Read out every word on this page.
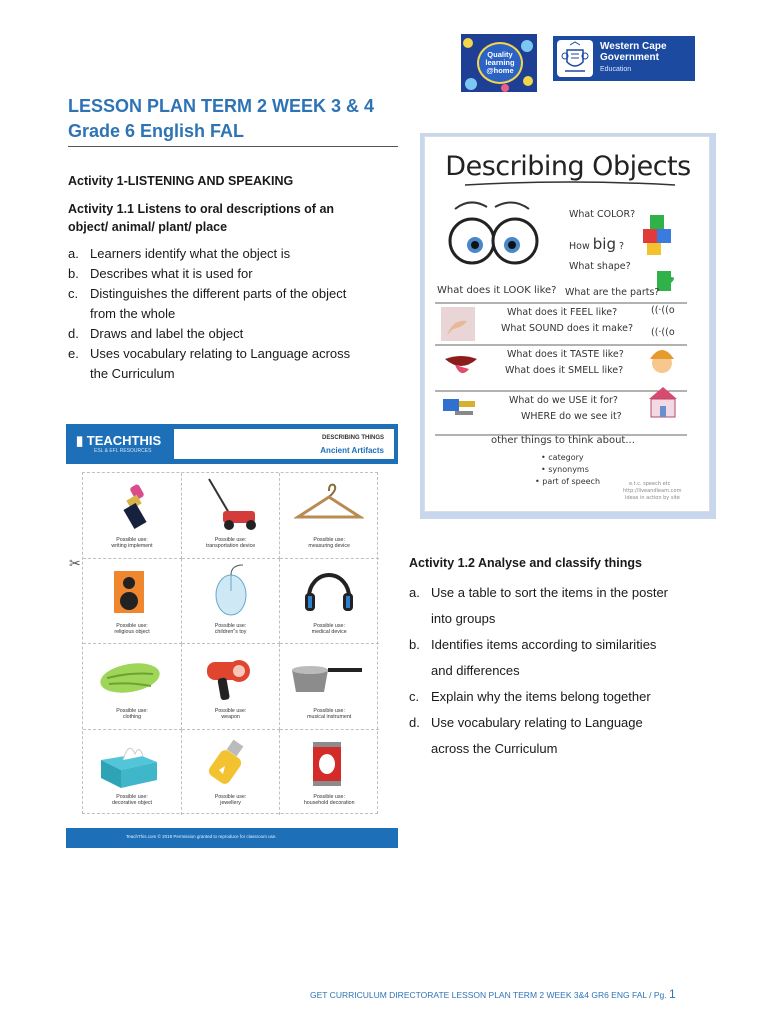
Quality
learning
@home
Western Cape
Government
Education
LESSON PLAN TERM 2 WEEK 3 & 4
Grade 6 English FAL
Activity 1-LISTENING AND SPEAKING
Activity 1.1 Listens to oral descriptions of an
object/ animal/ plant/ place
a. Learners identify what the object is
b. Describes what it is used for
c. Distinguishes the different parts of the object
from the whole
d. Draws and label the object
e. Uses vocabulary relating to Language across
the Curriculum
Describing Objects
What COLOR?
How big ?
What shape?
What does it LOOK like? What are the parts?
What does it FEEL like?
What SOUND does it make?
((·((o
((·((o
What does it TASTE like?
What does it SMELL like?
What do we USE it for?
WHERE do we see it?
other things to think about...
• category
• synonyms
• part of speech	e.t.c. speech etc
http://liveandlearn.com
Ideas in action by site
▮ TEACHTHIS
ESL & EFL RESOURCES
DESCRIBING THINGS
Ancient Artifacts
✂
Possible use:
writing implement
Possible use:
transportation device
Possible use:
measuring device
Possible use:
religious object
Possible use:
children"s toy
Possible use:
medical device
Possible use:
clothing
Possible use:
weapon
Possible use:
musical instrument
Possible use:
decorative object
Possible use:
jewellery
Possible use:
household decoration
TeachThis.com © 2019 Permission granted to reproduce for classroom use.
Activity 1.2 Analyse and classify things
a. Use a table to sort the items in the poster
into groups
b. Identifies items according to similarities
and differences
c. Explain why the items belong together
d. Use vocabulary relating to Language
across the Curriculum
GET CURRICULUM DIRECTORATE LESSON PLAN TERM 2 WEEK 3&4 GR6 ENG FAL / Pg. 1
